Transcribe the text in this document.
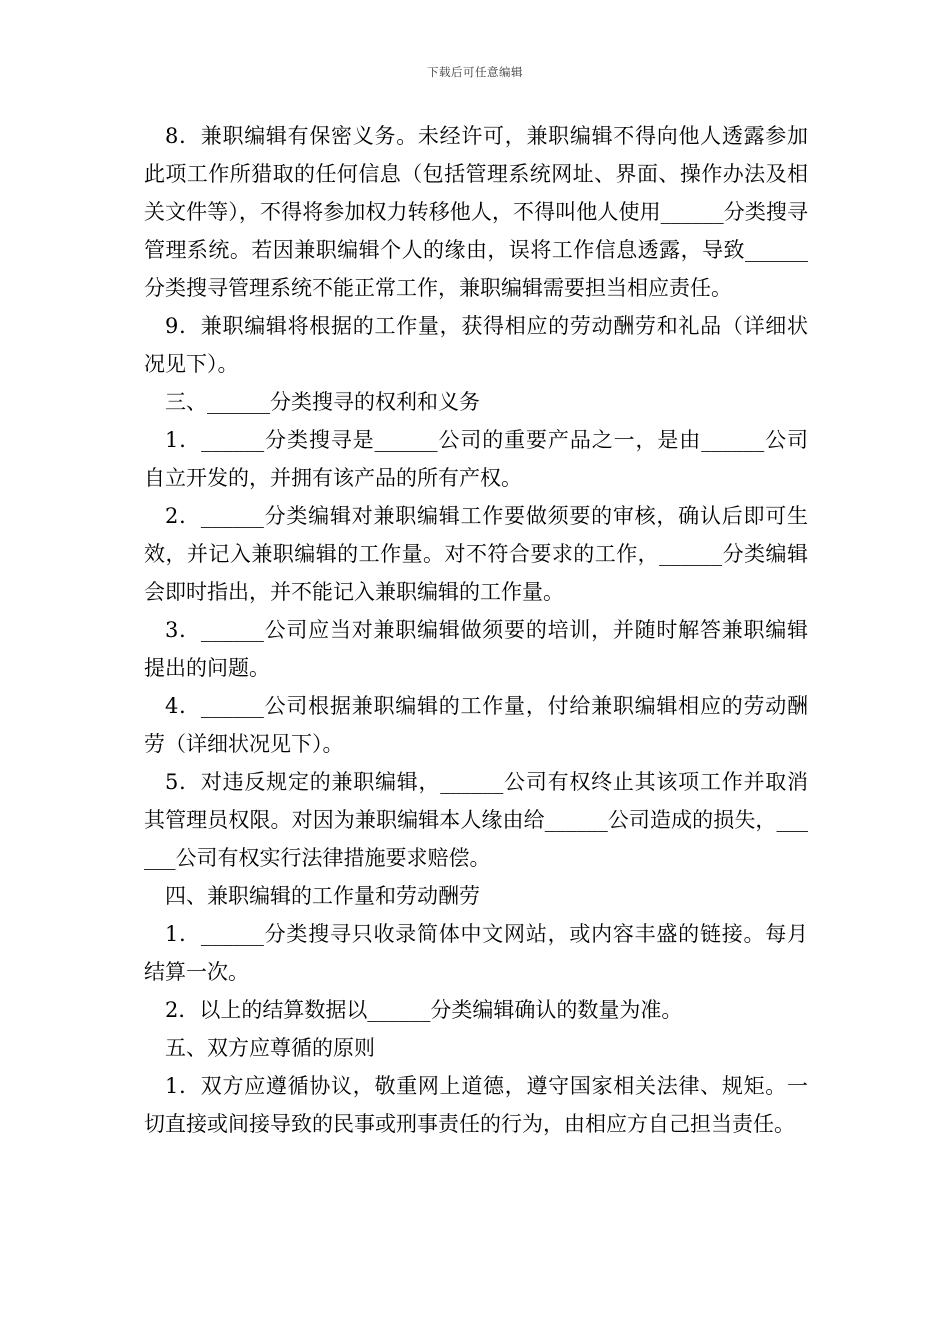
下载后可任意编辑

8．兼职编辑有保密义务。未经许可，兼职编辑不得向他人透露参加此项工作所猎取的任何信息（包括管理系统网址、界面、操作办法及相关文件等），不得将参加权力转移他人，不得叫他人使用______分类搜寻管理系统。若因兼职编辑个人的缘由，误将工作信息透露，导致______分类搜寻管理系统不能正常工作，兼职编辑需要担当相应责任。

9．兼职编辑将根据的工作量，获得相应的劳动酬劳和礼品（详细状况见下）。

三、______分类搜寻的权利和义务

1．______分类搜寻是______公司的重要产品之一，是由______公司自立开发的，并拥有该产品的所有产权。

2．______分类编辑对兼职编辑工作要做须要的审核，确认后即可生效，并记入兼职编辑的工作量。对不符合要求的工作，______分类编辑会即时指出，并不能记入兼职编辑的工作量。

3．______公司应当对兼职编辑做须要的培训，并随时解答兼职编辑提出的问题。

4．______公司根据兼职编辑的工作量，付给兼职编辑相应的劳动酬劳（详细状况见下）。

5．对违反规定的兼职编辑，______公司有权终止其该项工作并取消其管理员权限。对因为兼职编辑本人缘由给______公司造成的损失，______公司有权实行法律措施要求赔偿。

四、兼职编辑的工作量和劳动酬劳

1．______分类搜寻只收录简体中文网站，或内容丰盛的链接。每月结算一次。

2．以上的结算数据以______分类编辑确认的数量为准。

五、双方应尊循的原则

1．双方应遵循协议，敬重网上道德，遵守国家相关法律、规矩。一切直接或间接导致的民事或刑事责任的行为，由相应方自己担当责任。
